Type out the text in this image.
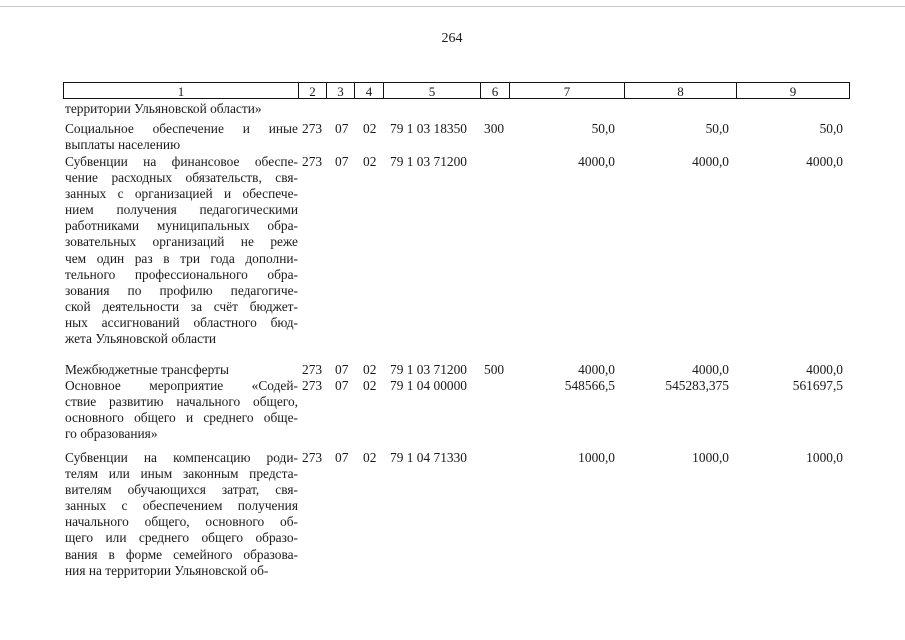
264
1	2	3	4	5	6	7	8	9
территории Ульяновской области»
Социальное обеспечение и иные
выплаты населению
273 07 02 79 1 03 18350 300	50,0	50,0	50,0
Субвенции на финансовое обеспе-
чение расходных обязательств, свя-
занных с организацией и обеспече-
нием получения педагогическими
работниками муниципальных обра-
зовательных организаций не реже
чем один раз в три года дополни-
тельного профессионального обра-
зования по профилю педагогиче-
ской деятельности за счёт бюджет-
ных ассигнований областного бюд-
жета Ульяновской области
273 07 02 79 1 03 71200	4000,0	4000,0	4000,0
Межбюджетные трансферты	273 07 02 79 1 03 71200 500	4000,0	4000,0	4000,0
Основное мероприятие «Содей-
ствие развитию начального общего,
основного общего и среднего обще-
го образования»
273 07 02 79 1 04 00000	548566,5	545283,375	561697,5
Субвенции на компенсацию роди-
телям или иным законным предста-
вителям обучающихся затрат, свя-
занных с обеспечением получения
начального общего, основного об-
щего или среднего общего образо-
вания в форме семейного образова-
ния на территории Ульяновской об-
273 07 02 79 1 04 71330	1000,0	1000,0	1000,0
